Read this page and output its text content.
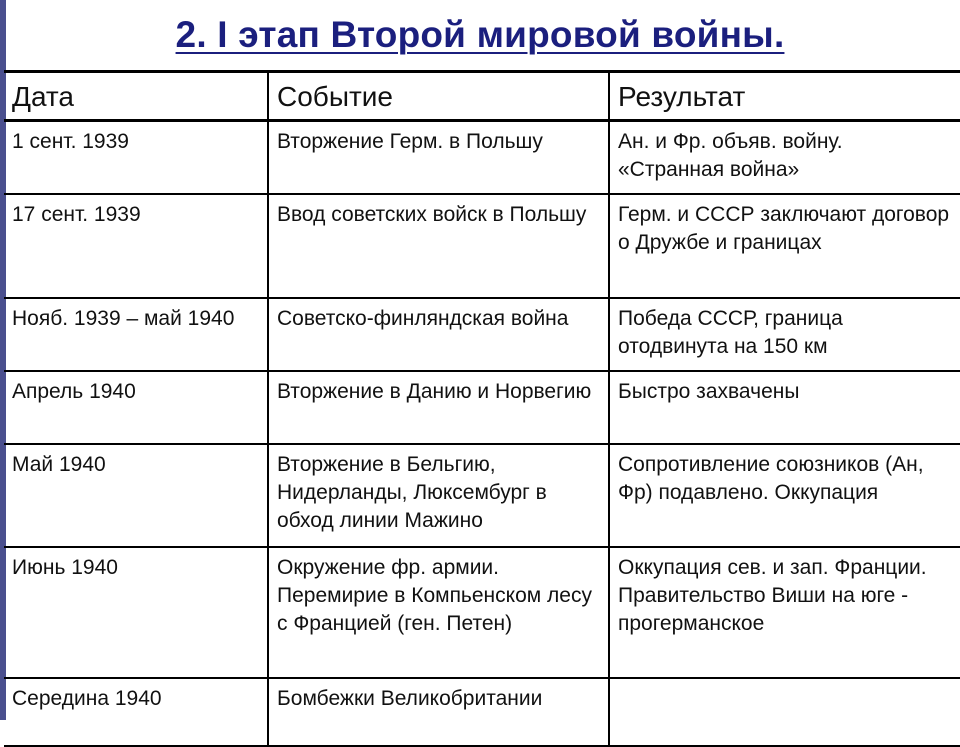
2. I этап Второй мировой войны.
Дата	Событие	Результат
1 сент. 1939	Вторжение Герм. в Польшу	Ан. и Фр. объяв. войну. «Странная война»
17 сент. 1939	Ввод советских войск в Польшу	Герм. и СССР заключают договор о Дружбе и границах
Нояб. 1939 – май 1940	Советско-финляндская война	Победа СССР, граница отодвинута на 150 км
Апрель 1940	Вторжение в Данию и Норвегию	Быстро захвачены
Май 1940	Вторжение в Бельгию, Нидерланды, Люксембург в обход линии Мажино	Сопротивление союзников (Ан, Фр) подавлено. Оккупация
Июнь 1940	Окружение фр. армии. Перемирие в Компьенском лесу с Францией (ген. Петен)	Оккупация сев. и зап. Франции. Правительство Виши на юге - прогерманское
Середина 1940	Бомбежки Великобритании	
